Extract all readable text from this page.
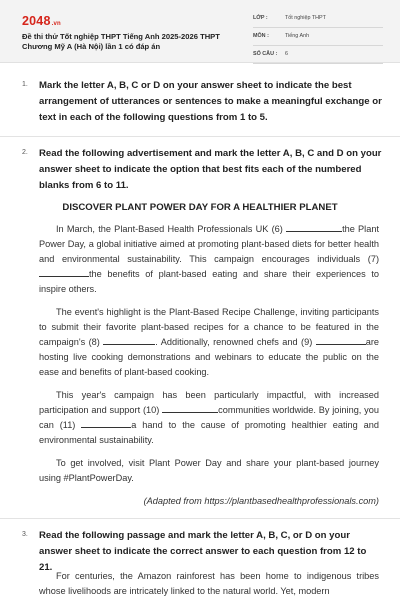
2048.vn
Đề thi thử Tốt nghiệp THPT Tiếng Anh 2025-2026 THPT
Chương Mỹ A (Hà Nội) lần 1 có đáp án
LỚP :	Tốt nghiệp THPT
MÔN :	Tiếng Anh
SỐ CÂU : 6
1. Mark the letter A, B, C or D on your answer sheet to indicate the best arrangement of utterances or sentences to make a meaningful exchange or text in each of the following questions from 1 to 5.
2. Read the following advertisement and mark the letter A, B, C and D on your answer sheet to indicate the option that best fits each of the numbered blanks from 6 to 11.
DISCOVER PLANT POWER DAY FOR A HEALTHIER PLANET
In March, the Plant-Based Health Professionals UK (6)	the Plant Power Day, a global initiative aimed at promoting plant-based diets for better health and environmental sustainability. This campaign encourages individuals (7) the benefits of plant-based eating and share their experiences to inspire others.
The event's highlight is the Plant-Based Recipe Challenge, inviting participants to submit their favorite plant-based recipes for a chance to be featured in the campaign's (8)	. Additionally, renowned chefs and (9)	are hosting live cooking demonstrations and webinars to educate the public on the ease and benefits of plant-based cooking.
This year's campaign has been particularly impactful, with increased participation and support (10)	communities worldwide. By joining, you can (11)	a hand to the cause of promoting healthier eating and environmental sustainability.
To get involved, visit Plant Power Day and share your plant-based journey using #PlantPowerDay.
(Adapted from https://plantbasedhealthprofessionals.com)
3. Read the following passage and mark the letter A, B, C, or D on your answer sheet to indicate the correct answer to each question from 12 to 21.
For centuries, the Amazon rainforest has been home to indigenous tribes whose livelihoods are intricately linked to the natural world. Yet, modern
